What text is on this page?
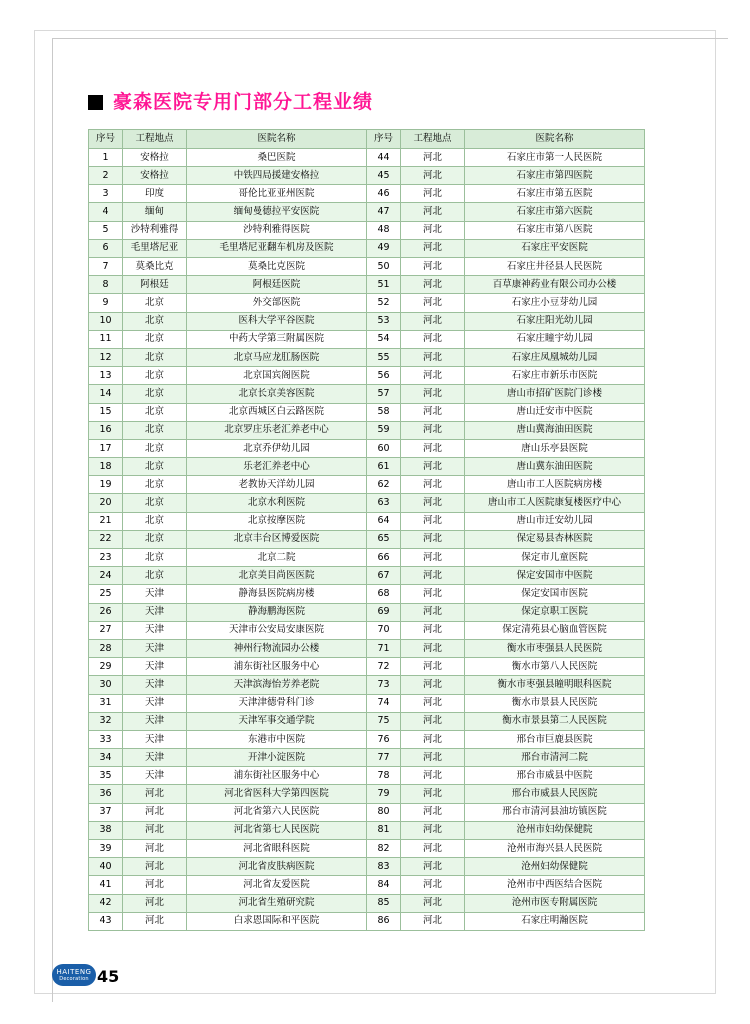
豪森医院专用门部分工程业绩
序号	工程地点	医院名称	序号	工程地点	医院名称
1	安格拉	桑巴医院	44	河北	石家庄市第一人民医院
2	安格拉	中铁四局援建安格拉	45	河北	石家庄市第四医院
3	印度	哥伦比亚亚州医院	46	河北	石家庄市第五医院
4	缅甸	缅甸曼德拉平安医院	47	河北	石家庄市第六医院
5	沙特利雅得	沙特利雅得医院	48	河北	石家庄市第八医院
6	毛里塔尼亚	毛里塔尼亚翻车机房及医院	49	河北	石家庄平安医院
7	莫桑比克	莫桑比克医院	50	河北	石家庄井径县人民医院
8	阿根廷	阿根廷医院	51	河北	百草康神药业有限公司办公楼
9	北京	外交部医院	52	河北	石家庄小豆芽幼儿园
10	北京	医科大学平谷医院	53	河北	石家庄阳光幼儿园
11	北京	中药大学第三附属医院	54	河北	石家庄瞳宇幼儿园
12	北京	北京马应龙肛肠医院	55	河北	石家庄凤凰城幼儿园
13	北京	北京国宾阁医院	56	河北	石家庄市新乐市医院
14	北京	北京长京美容医院	57	河北	唐山市招矿医院门诊楼
15	北京	北京西城区白云路医院	58	河北	唐山迁安市中医院
16	北京	北京罗庄乐老汇养老中心	59	河北	唐山冀海油田医院
17	北京	北京乔伊幼儿园	60	河北	唐山乐亭县医院
18	北京	乐老汇养老中心	61	河北	唐山冀东油田医院
19	北京	老教协天洋幼儿园	62	河北	唐山市工人医院病房楼
20	北京	北京水利医院	63	河北	唐山市工人医院康复楼医疗中心
21	北京	北京按摩医院	64	河北	唐山市迁安幼儿园
22	北京	北京丰台区博爱医院	65	河北	保定易县杏林医院
23	北京	北京二院	66	河北	保定市儿童医院
24	北京	北京美目尚医医院	67	河北	保定安国市中医院
25	天津	静海县医院病房楼	68	河北	保定安国市医院
26	天津	静海鹏海医院	69	河北	保定京职工医院
27	天津	天津市公安局安康医院	70	河北	保定清苑县心脑血管医院
28	天津	神州行物流园办公楼	71	河北	衡水市枣强县人民医院
29	天津	浦东街社区服务中心	72	河北	衡水市第八人民医院
30	天津	天津滨海怡芳养老院	73	河北	衡水市枣强县瞳明眼科医院
31	天津	天津津德骨科门诊	74	河北	衡水市景县人民医院
32	天津	天津军事交通学院	75	河北	衡水市景县第二人民医院
33	天津	东港市中医院	76	河北	邢台市巨鹿县医院
34	天津	开津小淀医院	77	河北	邢台市清河二院
35	天津	浦东街社区服务中心	78	河北	邢台市威县中医院
36	河北	河北省医科大学第四医院	79	河北	邢台市威县人民医院
37	河北	河北省第六人民医院	80	河北	邢台市清河县油坊镇医院
38	河北	河北省第七人民医院	81	河北	沧州市妇幼保健院
39	河北	河北省眼科医院	82	河北	沧州市海兴县人民医院
40	河北	河北省皮肤病医院	83	河北	沧州妇幼保健院
41	河北	河北省友爱医院	84	河北	沧州市中西医结合医院
42	河北	河北省生殖研究院	85	河北	沧州市医专附属医院
43	河北	白求恩国际和平医院	86	河北	石家庄明瀚医院
HAITENG
Decoration 45
